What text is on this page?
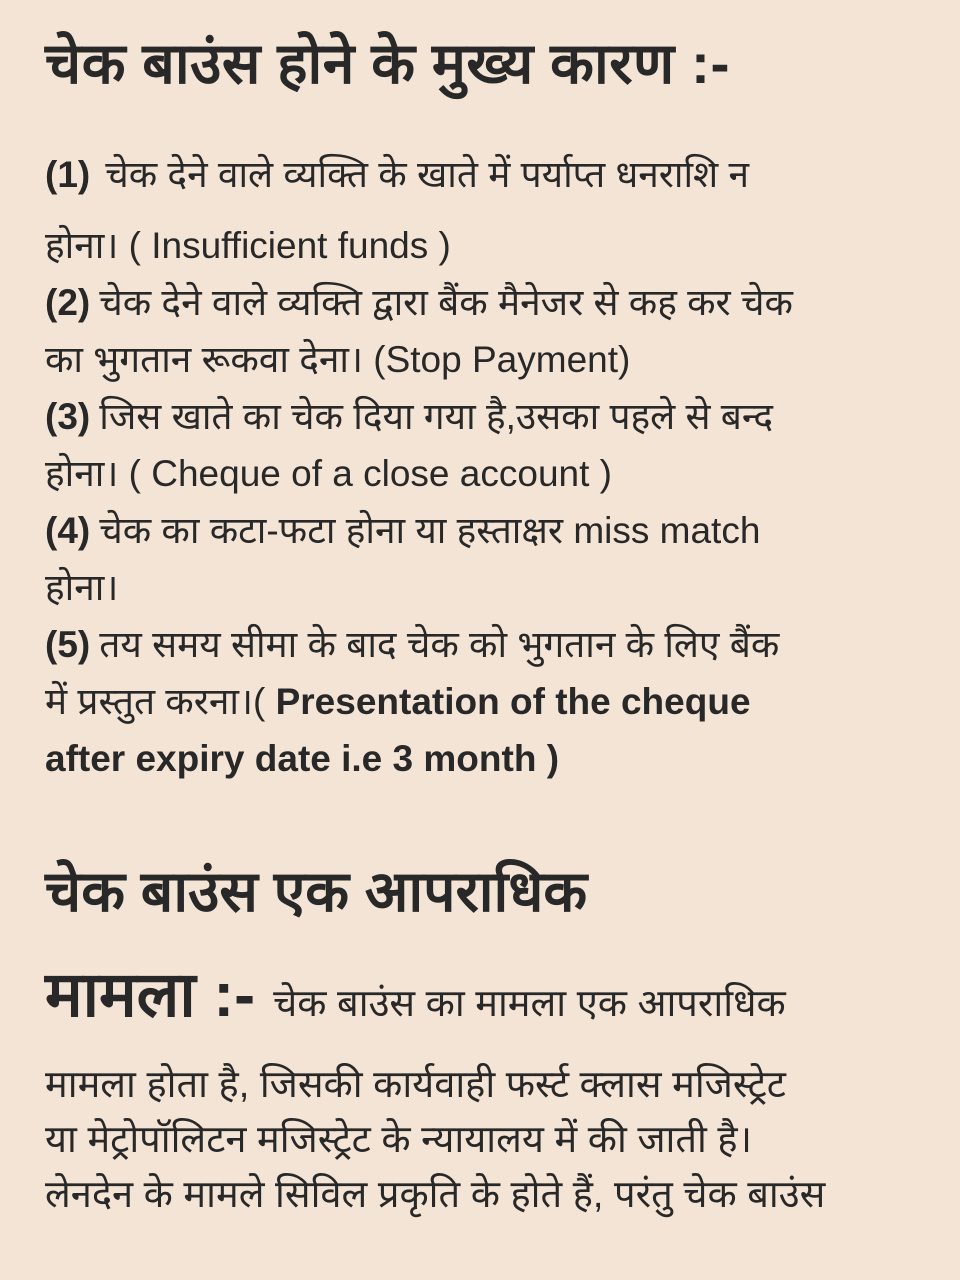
चेक बाउंस होने के मुख्य कारण :-

(1) चेक देने वाले व्यक्ति के खाते में पर्याप्त धनराशि न

होना। ( Insufficient funds )

(2) चेक देने वाले व्यक्ति द्वारा बैंक मैनेजर से कह कर चेक

का भुगतान रूकवा देना। (Stop Payment)

(3) जिस खाते का चेक दिया गया है,उसका पहले से बन्द

होना। ( Cheque of a close account )

(4) चेक का कटा-फटा होना या हस्ताक्षर miss match

होना।

(5) तय समय सीमा के बाद चेक को भुगतान के लिए बैंक

में प्रस्तुत करना।( Presentation of the cheque

after expiry date i.e 3 month )

चेक बाउंस एक आपराधिक

मामला :- चेक बाउंस का मामला एक आपराधिक

मामला होता है, जिसकी कार्यवाही फर्स्ट क्लास मजिस्ट्रेट

या मेट्रोपॉलिटन मजिस्ट्रेट के न्यायालय में की जाती है।

लेनदेन के मामले सिविल प्रकृति के होते हैं, परंतु चेक बाउंस
